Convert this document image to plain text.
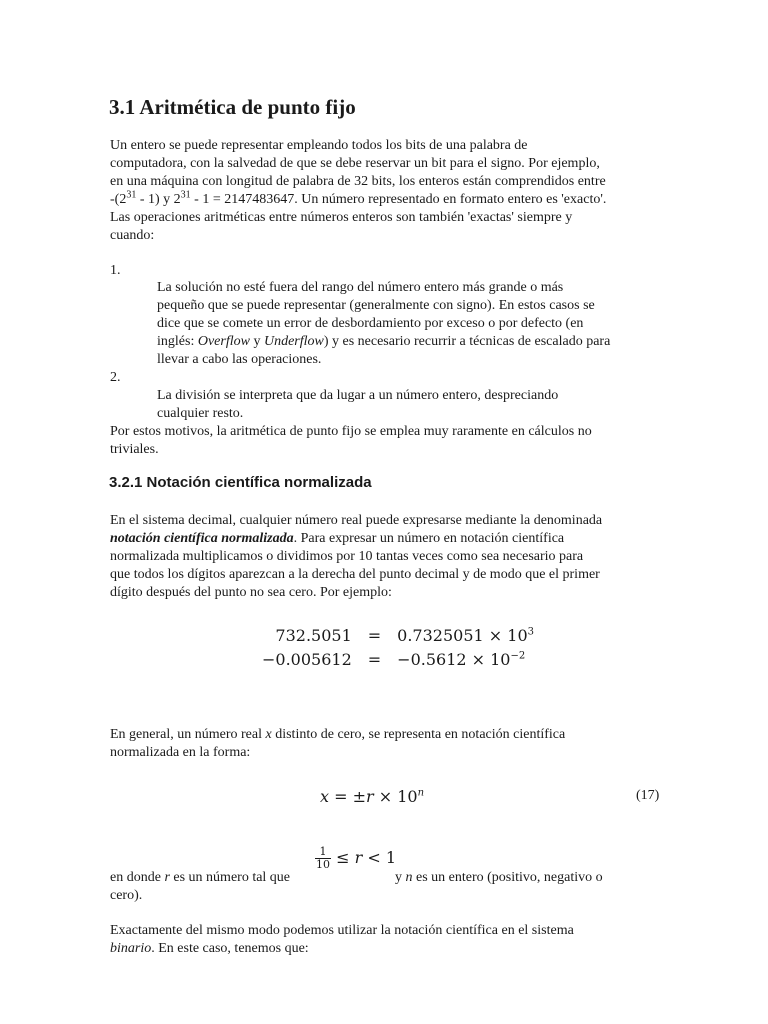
3.1 Aritmética de punto fijo
Un entero se puede representar empleando todos los bits de una palabra de
computadora, con la salvedad de que se debe reservar un bit para el signo. Por ejemplo,
en una máquina con longitud de palabra de 32 bits, los enteros están comprendidos entre
$-(2^{31} - 1)$ y $2^{31} - 1 = 2147483647$. Un número representado en formato entero es 'exacto'.
Las operaciones aritméticas entre números enteros son también 'exactas' siempre y
cuando:
1.
La solución no esté fuera del rango del número entero más grande o más
pequeño que se puede representar (generalmente con signo). En estos casos se
dice que se comete un error de desbordamiento por exceso o por defecto (en
inglés: Overflow y Underflow) y es necesario recurrir a técnicas de escalado para
llevar a cabo las operaciones.
2.
La división se interpreta que da lugar a un número entero, despreciando
cualquier resto.
Por estos motivos, la aritmética de punto fijo se emplea muy raramente en cálculos no
triviales.
3.2.1 Notación científica normalizada
En el sistema decimal, cualquier número real puede expresarse mediante la denominada
notación científica normalizada. Para expresar un número en notación científica
normalizada multiplicamos o dividimos por 10 tantas veces como sea necesario para
que todos los dígitos aparezcan a la derecha del punto decimal y de modo que el primer
dígito después del punto no sea cero. Por ejemplo:
732.5051	=	$0.7325051 \times 10^3$
−0.005612	=	$-0.5612 \times 10^{-2}$
En general, un número real x distinto de cero, se representa en notación científica
normalizada en la forma:
$x = \pm r \times 10^n$	(17)
$\frac{1}{10} \le r < 1$
en donde r es un número tal que	y n es un entero (positivo, negativo o
cero).
Exactamente del mismo modo podemos utilizar la notación científica en el sistema
binario. En este caso, tenemos que:
